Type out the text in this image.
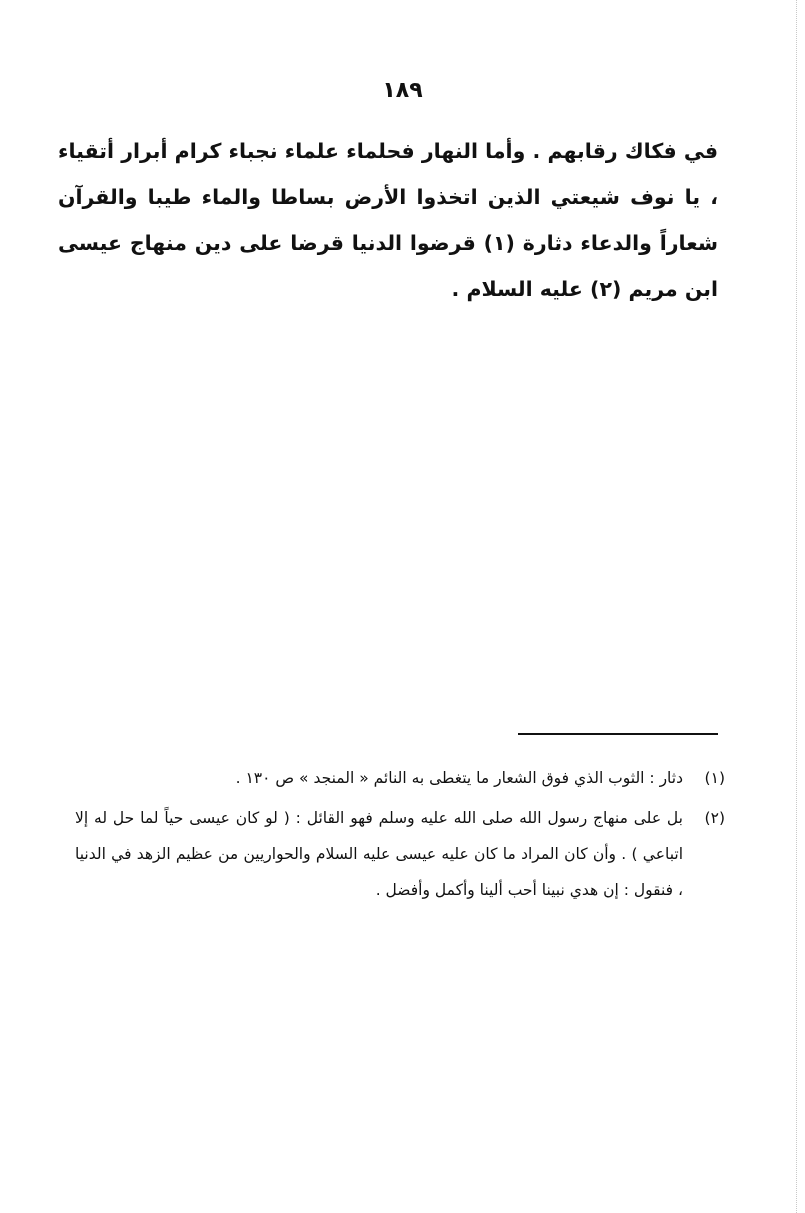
١٨٩
في فكاك رقابهم . وأما النهار فحلماء علماء نجباء كرام أبرار أتقياء ، يا نوف شيعتي الذين اتخذوا الأرض بساطا والماء طيبا والقرآن شعاراً والدعاء دثارة (١) قرضوا الدنيا قرضا على دين منهاج عيسى ابن مريم (٢) عليه السلام .
(١)
دثار : الثوب الذي فوق الشعار ما يتغطى به النائم « المنجد » ص ١٣٠ .
(٢)
بل على منهاج رسول الله صلى الله عليه وسلم فهو القائل : ( لو كان عيسى حياً لما حل له إلا اتباعي ) . وأن كان المراد ما كان عليه عيسى عليه السلام والحواريين من عظيم الزهد في الدنيا ، فنقول : إن هدي نبينا أحب ألينا وأكمل وأفضل .
